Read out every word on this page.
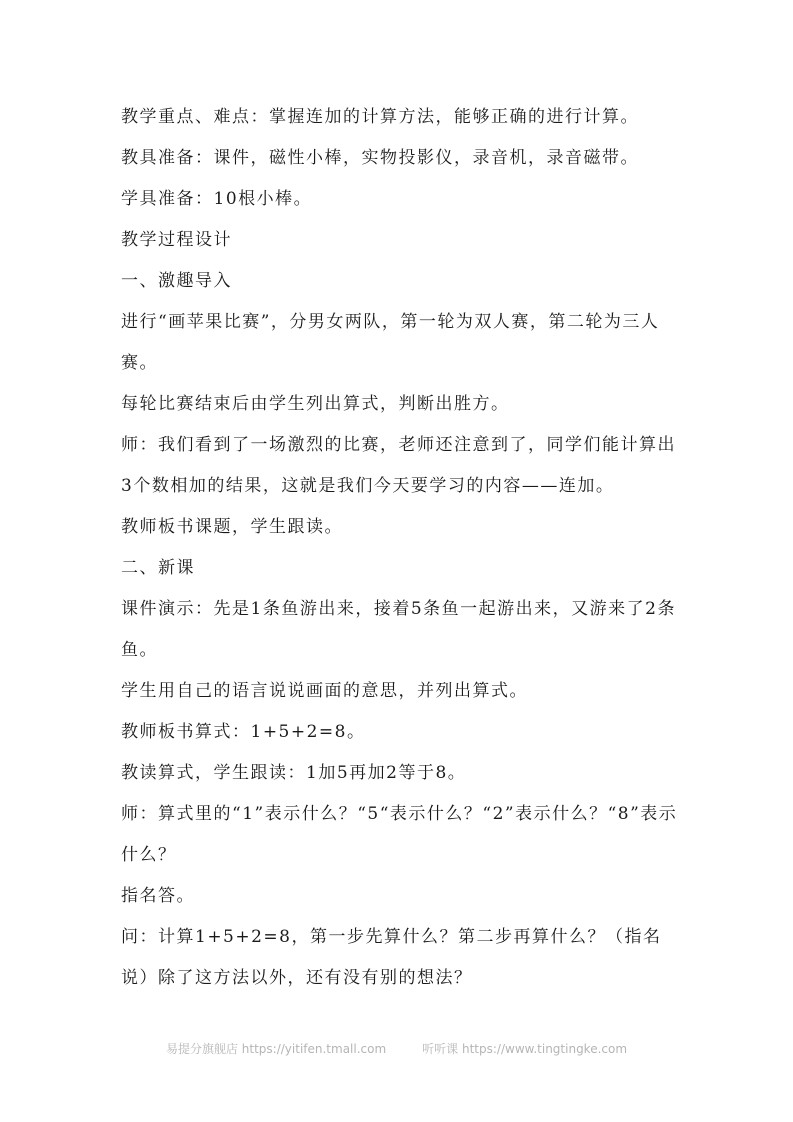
教学重点、难点：掌握连加的计算方法，能够正确的进行计算。
教具准备：课件，磁性小棒，实物投影仪，录音机，录音磁带。
学具准备：10根小棒。
教学过程设计
一、激趣导入
进行“画苹果比赛”，分男女两队，第一轮为双人赛，第二轮为三人赛。
每轮比赛结束后由学生列出算式，判断出胜方。
师：我们看到了一场激烈的比赛，老师还注意到了，同学们能计算出3个数相加的结果，这就是我们今天要学习的内容——连加。
教师板书课题，学生跟读。
二、新课
课件演示：先是1条鱼游出来，接着5条鱼一起游出来，又游来了2条鱼。
学生用自己的语言说说画面的意思，并列出算式。
教师板书算式：1+5+2=8。
教读算式，学生跟读：1加5再加2等于8。
师：算式里的“1”表示什么？“5“表示什么？“2”表示什么？“8”表示什么？
指名答。
问：计算1+5+2=8，第一步先算什么？第二步再算什么？（指名说）除了这方法以外，还有没有别的想法？
易提分旗舰店 https://yitifen.tmall.com	听听课 https://www.tingtingke.com
